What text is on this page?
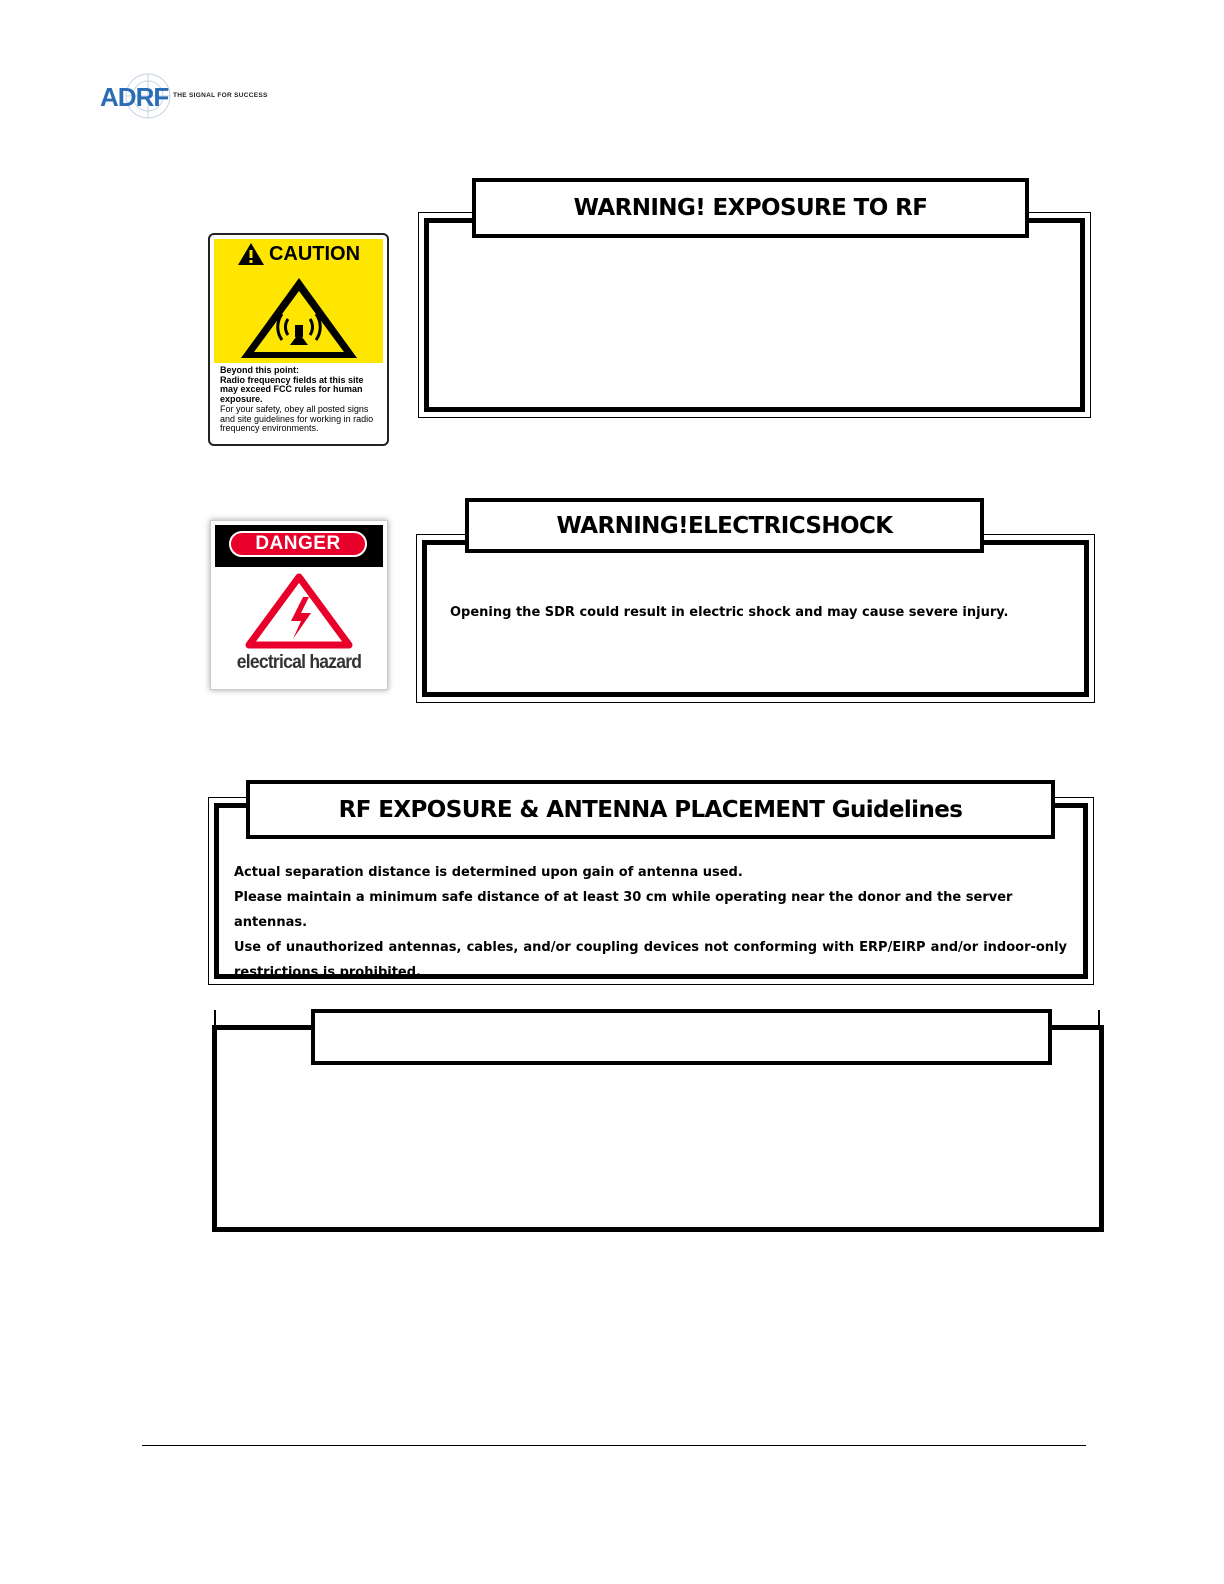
ADRF THE SIGNAL FOR SUCCESS
CAUTION
Beyond this point:
Radio frequency fields at this site may exceed FCC rules for human exposure.
For your safety, obey all posted signs and site guidelines for working in radio frequency environments.
WARNING! EXPOSURE TO RF
DANGER
electrical hazard
WARNING!ELECTRICSHOCK
Opening the SDR could result in electric shock and may cause severe injury.
RF EXPOSURE & ANTENNA PLACEMENT Guidelines
Actual separation distance is determined upon gain of antenna used.
Please maintain a minimum safe distance of at least 30 cm while operating near the donor and the server antennas.
Use of unauthorized antennas, cables, and/or coupling devices not conforming with ERP/EIRP and/or indoor-only restrictions is prohibited.
